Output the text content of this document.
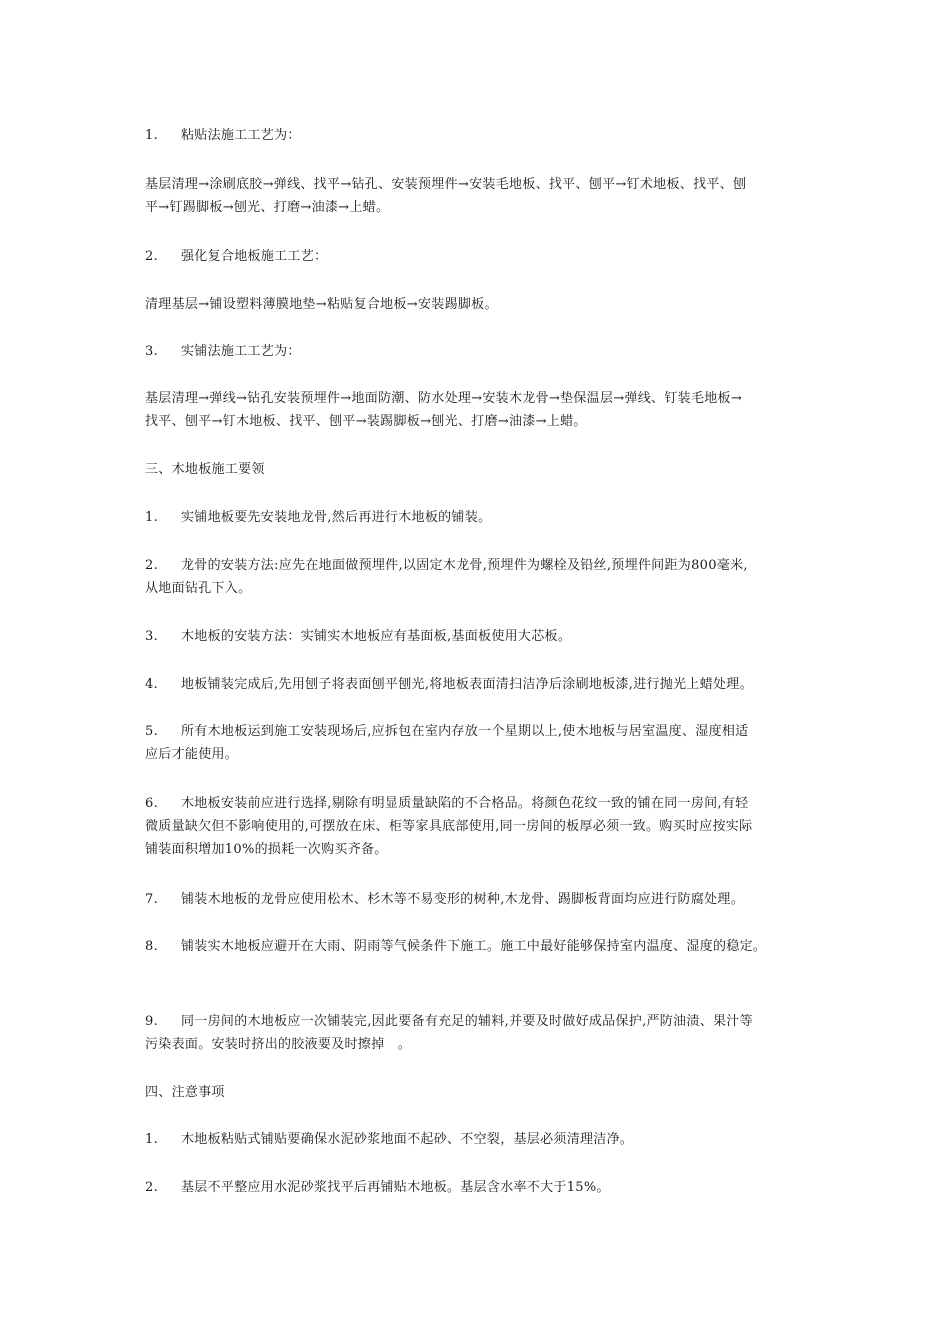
1. 粘贴法施工工艺为：

基层清理→涂刷底胶→弹线、找平→钻孔、安装预埋件→安装毛地板、找平、刨平→钉术地板、找平、刨
平→钉踢脚板→刨光、打磨→油漆→上蜡。

2. 强化复合地板施工工艺：

清理基层→铺设塑料薄膜地垫→粘贴复合地板→安装踢脚板。

3. 实铺法施工工艺为：

基层清理→弹线→钻孔安装预埋件→地面防潮、防水处理→安装木龙骨→垫保温层→弹线、钉装毛地板→
找平、刨平→钉木地板、找平、刨平→装踢脚板→刨光、打磨→油漆→上蜡。

三、木地板施工要领

1. 实铺地板要先安装地龙骨,然后再进行木地板的铺装。

2. 龙骨的安装方法:应先在地面做预埋件,以固定木龙骨,预埋件为螺栓及铅丝,预埋件间距为800毫米,
从地面钻孔下入。

3. 木地板的安装方法：实铺实木地板应有基面板,基面板使用大芯板。

4. 地板铺装完成后,先用刨子将表面刨平刨光,将地板表面清扫洁净后涂刷地板漆,进行抛光上蜡处理。

5. 所有木地板运到施工安装现场后,应拆包在室内存放一个星期以上,使木地板与居室温度、湿度相适
应后才能使用。

6. 木地板安装前应进行选择,剔除有明显质量缺陷的不合格品。将颜色花纹一致的铺在同一房间,有轻
微质量缺欠但不影响使用的,可摆放在床、柜等家具底部使用,同一房间的板厚必须一致。购买时应按实际
铺装面积增加10%的损耗一次购买齐备。

7. 铺装木地板的龙骨应使用松木、杉木等不易变形的树种,木龙骨、踢脚板背面均应进行防腐处理。

8. 铺装实木地板应避开在大雨、阴雨等气候条件下施工。施工中最好能够保持室内温度、湿度的稳定。

9. 同一房间的木地板应一次铺装完,因此要备有充足的辅料,并要及时做好成品保护,严防油渍、果汁等
污染表面。安装时挤出的胶液要及时擦掉　。

四、注意事项

1. 木地板粘贴式铺贴要确保水泥砂浆地面不起砂、不空裂，基层必须清理洁净。

2. 基层不平整应用水泥砂浆找平后再铺贴木地板。基层含水率不大于15%。
